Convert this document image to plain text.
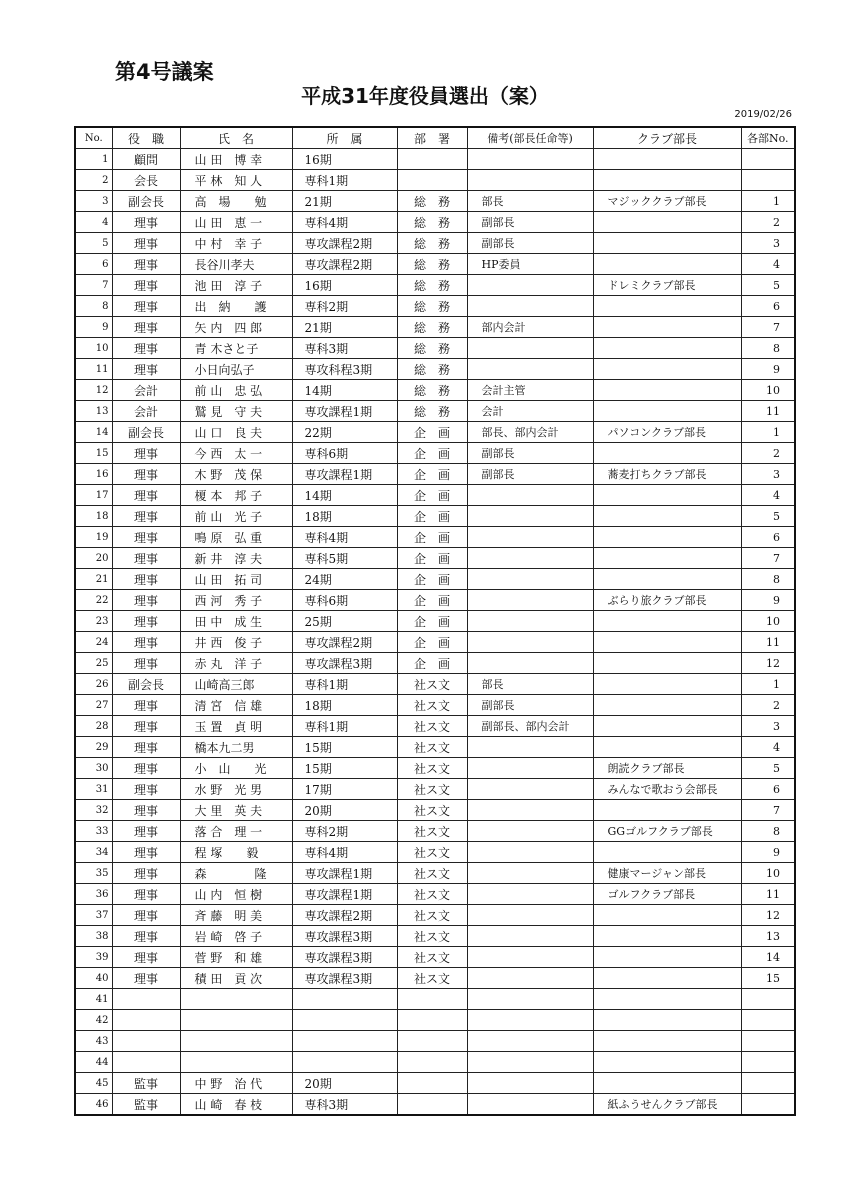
第4号議案
平成31年度役員選出（案）
2019/02/26
No.	役　職	氏　名	所　属	部　署	備考(部長任命等)	クラブ部長	各部No.
1	顧問	山 田　博 幸	16期				
2	会長	平 林　知 人	専科1期				
3	副会長	高　場　　勉	21期	総　務	部長	マジッククラブ部長	1
4	理事	山 田　恵 一	専科4期	総　務	副部長		2
5	理事	中 村　幸 子	専攻課程2期	総　務	副部長		3
6	理事	長谷川孝夫	専攻課程2期	総　務	HP委員		4
7	理事	池 田　淳 子	16期	総　務		ドレミクラブ部長	5
8	理事	出　納　　護	専科2期	総　務			6
9	理事	矢 内　四 郎	21期	総　務	部内会計		7
10	理事	青 木さと子	専科3期	総　務			8
11	理事	小日向弘子	専攻科程3期	総　務			9
12	会計	前 山　忠 弘	14期	総　務	会計主管		10
13	会計	鷲 見　守 夫	専攻課程1期	総　務	会計		11
14	副会長	山 口　良 夫	22期	企　画	部長、部内会計	パソコンクラブ部長	1
15	理事	今 西　太 一	専科6期	企　画	副部長		2
16	理事	木 野　茂 保	専攻課程1期	企　画	副部長	蕎麦打ちクラブ部長	3
17	理事	榎 本　邦 子	14期	企　画			4
18	理事	前 山　光 子	18期	企　画			5
19	理事	鳴 原　弘 重	専科4期	企　画			6
20	理事	新 井　淳 夫	専科5期	企　画			7
21	理事	山 田　拓 司	24期	企　画			8
22	理事	西 河　秀 子	専科6期	企　画		ぶらり旅クラブ部長	9
23	理事	田 中　成 生	25期	企　画			10
24	理事	井 西　俊 子	専攻課程2期	企　画			11
25	理事	赤 丸　洋 子	専攻課程3期	企　画			12
26	副会長	山崎高三郎	専科1期	社ス文	部長		1
27	理事	清 宮　信 雄	18期	社ス文	副部長		2
28	理事	玉 置　貞 明	専科1期	社ス文	副部長、部内会計		3
29	理事	橋本九二男	15期	社ス文			4
30	理事	小　山　　光	15期	社ス文		朗読クラブ部長	5
31	理事	水 野　光 男	17期	社ス文		みんなで歌おう会部長	6
32	理事	大 里　英 夫	20期	社ス文			7
33	理事	落 合　理 一	専科2期	社ス文		GGゴルフクラブ部長	8
34	理事	程 塚　　毅	専科4期	社ス文			9
35	理事	森　　　　隆	専攻課程1期	社ス文		健康マージャン部長	10
36	理事	山 内　恒 樹	専攻課程1期	社ス文		ゴルフクラブ部長	11
37	理事	斉 藤　明 美	専攻課程2期	社ス文			12
38	理事	岩 崎　啓 子	専攻課程3期	社ス文			13
39	理事	菅 野　和 雄	専攻課程3期	社ス文			14
40	理事	積 田　貢 次	専攻課程3期	社ス文			15
41							
42							
43							
44							
45	監事	中 野　治 代	20期				
46	監事	山 崎　春 枝	専科3期			紙ふうせんクラブ部長	
